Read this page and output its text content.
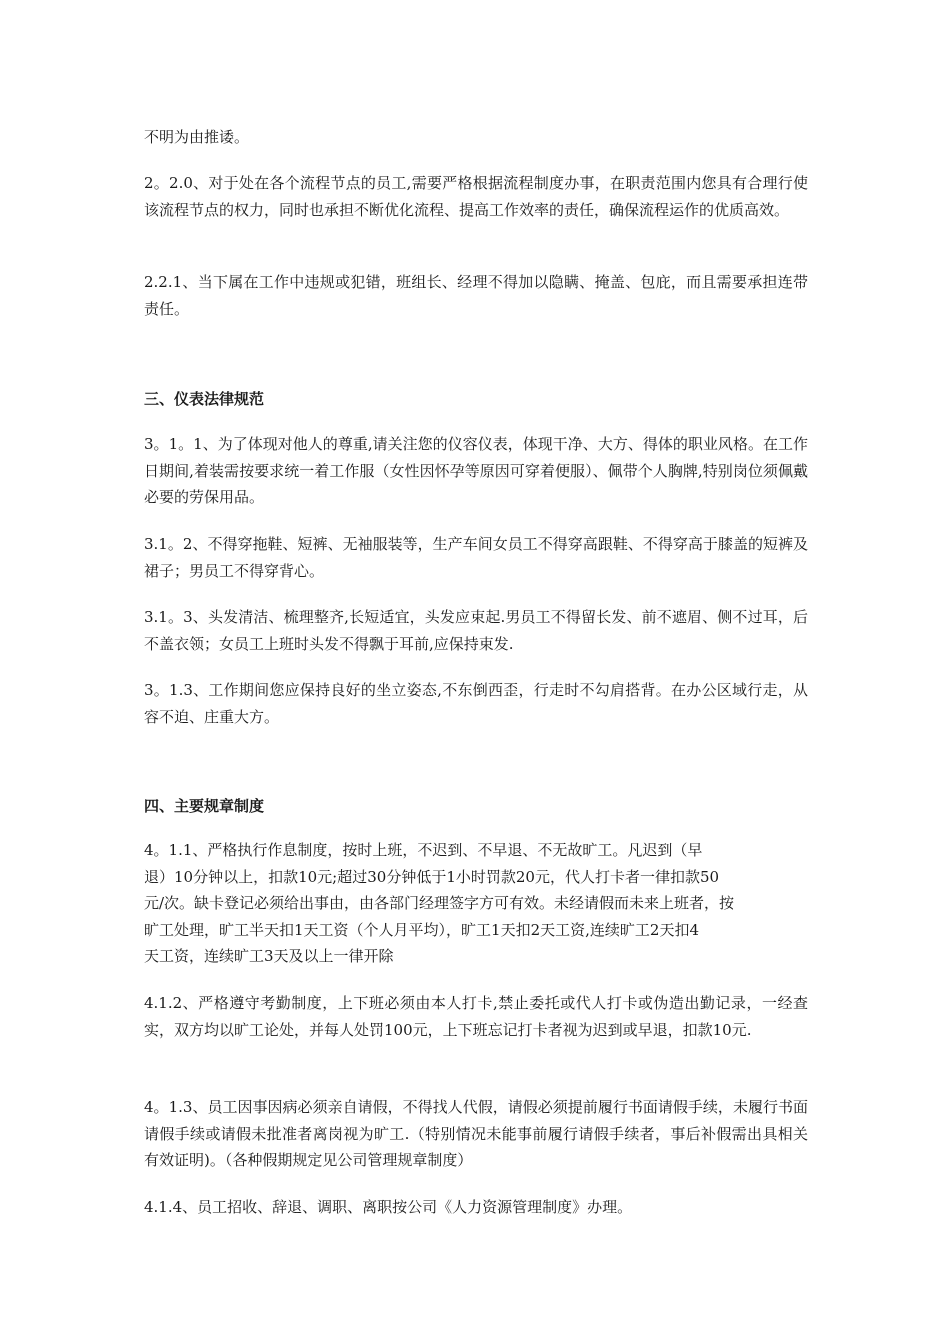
不明为由推诿。

2。2.0、对于处在各个流程节点的员工,需要严格根据流程制度办事，在职责范围内您具有合理行使该流程节点的权力，同时也承担不断优化流程、提高工作效率的责任，确保流程运作的优质高效。

2.2.1、当下属在工作中违规或犯错，班组长、经理不得加以隐瞒、掩盖、包庇，而且需要承担连带责任。

三、仪表法律规范

3。1。1、为了体现对他人的尊重,请关注您的仪容仪表，体现干净、大方、得体的职业风格。在工作日期间,着装需按要求统一着工作服（女性因怀孕等原因可穿着便服）、佩带个人胸牌,特别岗位须佩戴必要的劳保用品。

3.1。2、不得穿拖鞋、短裤、无袖服装等，生产车间女员工不得穿高跟鞋、不得穿高于膝盖的短裤及裙子；男员工不得穿背心。

3.1。3、头发清洁、梳理整齐,长短适宜，头发应束起.男员工不得留长发、前不遮眉、侧不过耳，后不盖衣领；女员工上班时头发不得飘于耳前,应保持束发.

3。1.3、工作期间您应保持良好的坐立姿态,不东倒西歪，行走时不勾肩搭背。在办公区域行走，从容不迫、庄重大方。

四、主要规章制度
4。1.1、严格执行作息制度，按时上班，不迟到、不早退、不无故旷工。凡迟到（早
退）10分钟以上，扣款10元;超过30分钟低于1小时罚款20元，代人打卡者一律扣款50
元/次。缺卡登记必须给出事由，由各部门经理签字方可有效。未经请假而未来上班者，按
旷工处理，旷工半天扣1天工资（个人月平均），旷工1天扣2天工资,连续旷工2天扣4
天工资，连续旷工3天及以上一律开除

4.1.2、严格遵守考勤制度，上下班必须由本人打卡,禁止委托或代人打卡或伪造出勤记录，一经查实，双方均以旷工论处，并每人处罚100元，上下班忘记打卡者视为迟到或早退，扣款10元.

4。1.3、员工因事因病必须亲自请假，不得找人代假，请假必须提前履行书面请假手续，未履行书面请假手续或请假未批准者离岗视为旷工.（特别情况未能事前履行请假手续者，事后补假需出具相关有效证明)。（各种假期规定见公司管理规章制度）

4.1.4、员工招收、辞退、调职、离职按公司《人力资源管理制度》办理。
